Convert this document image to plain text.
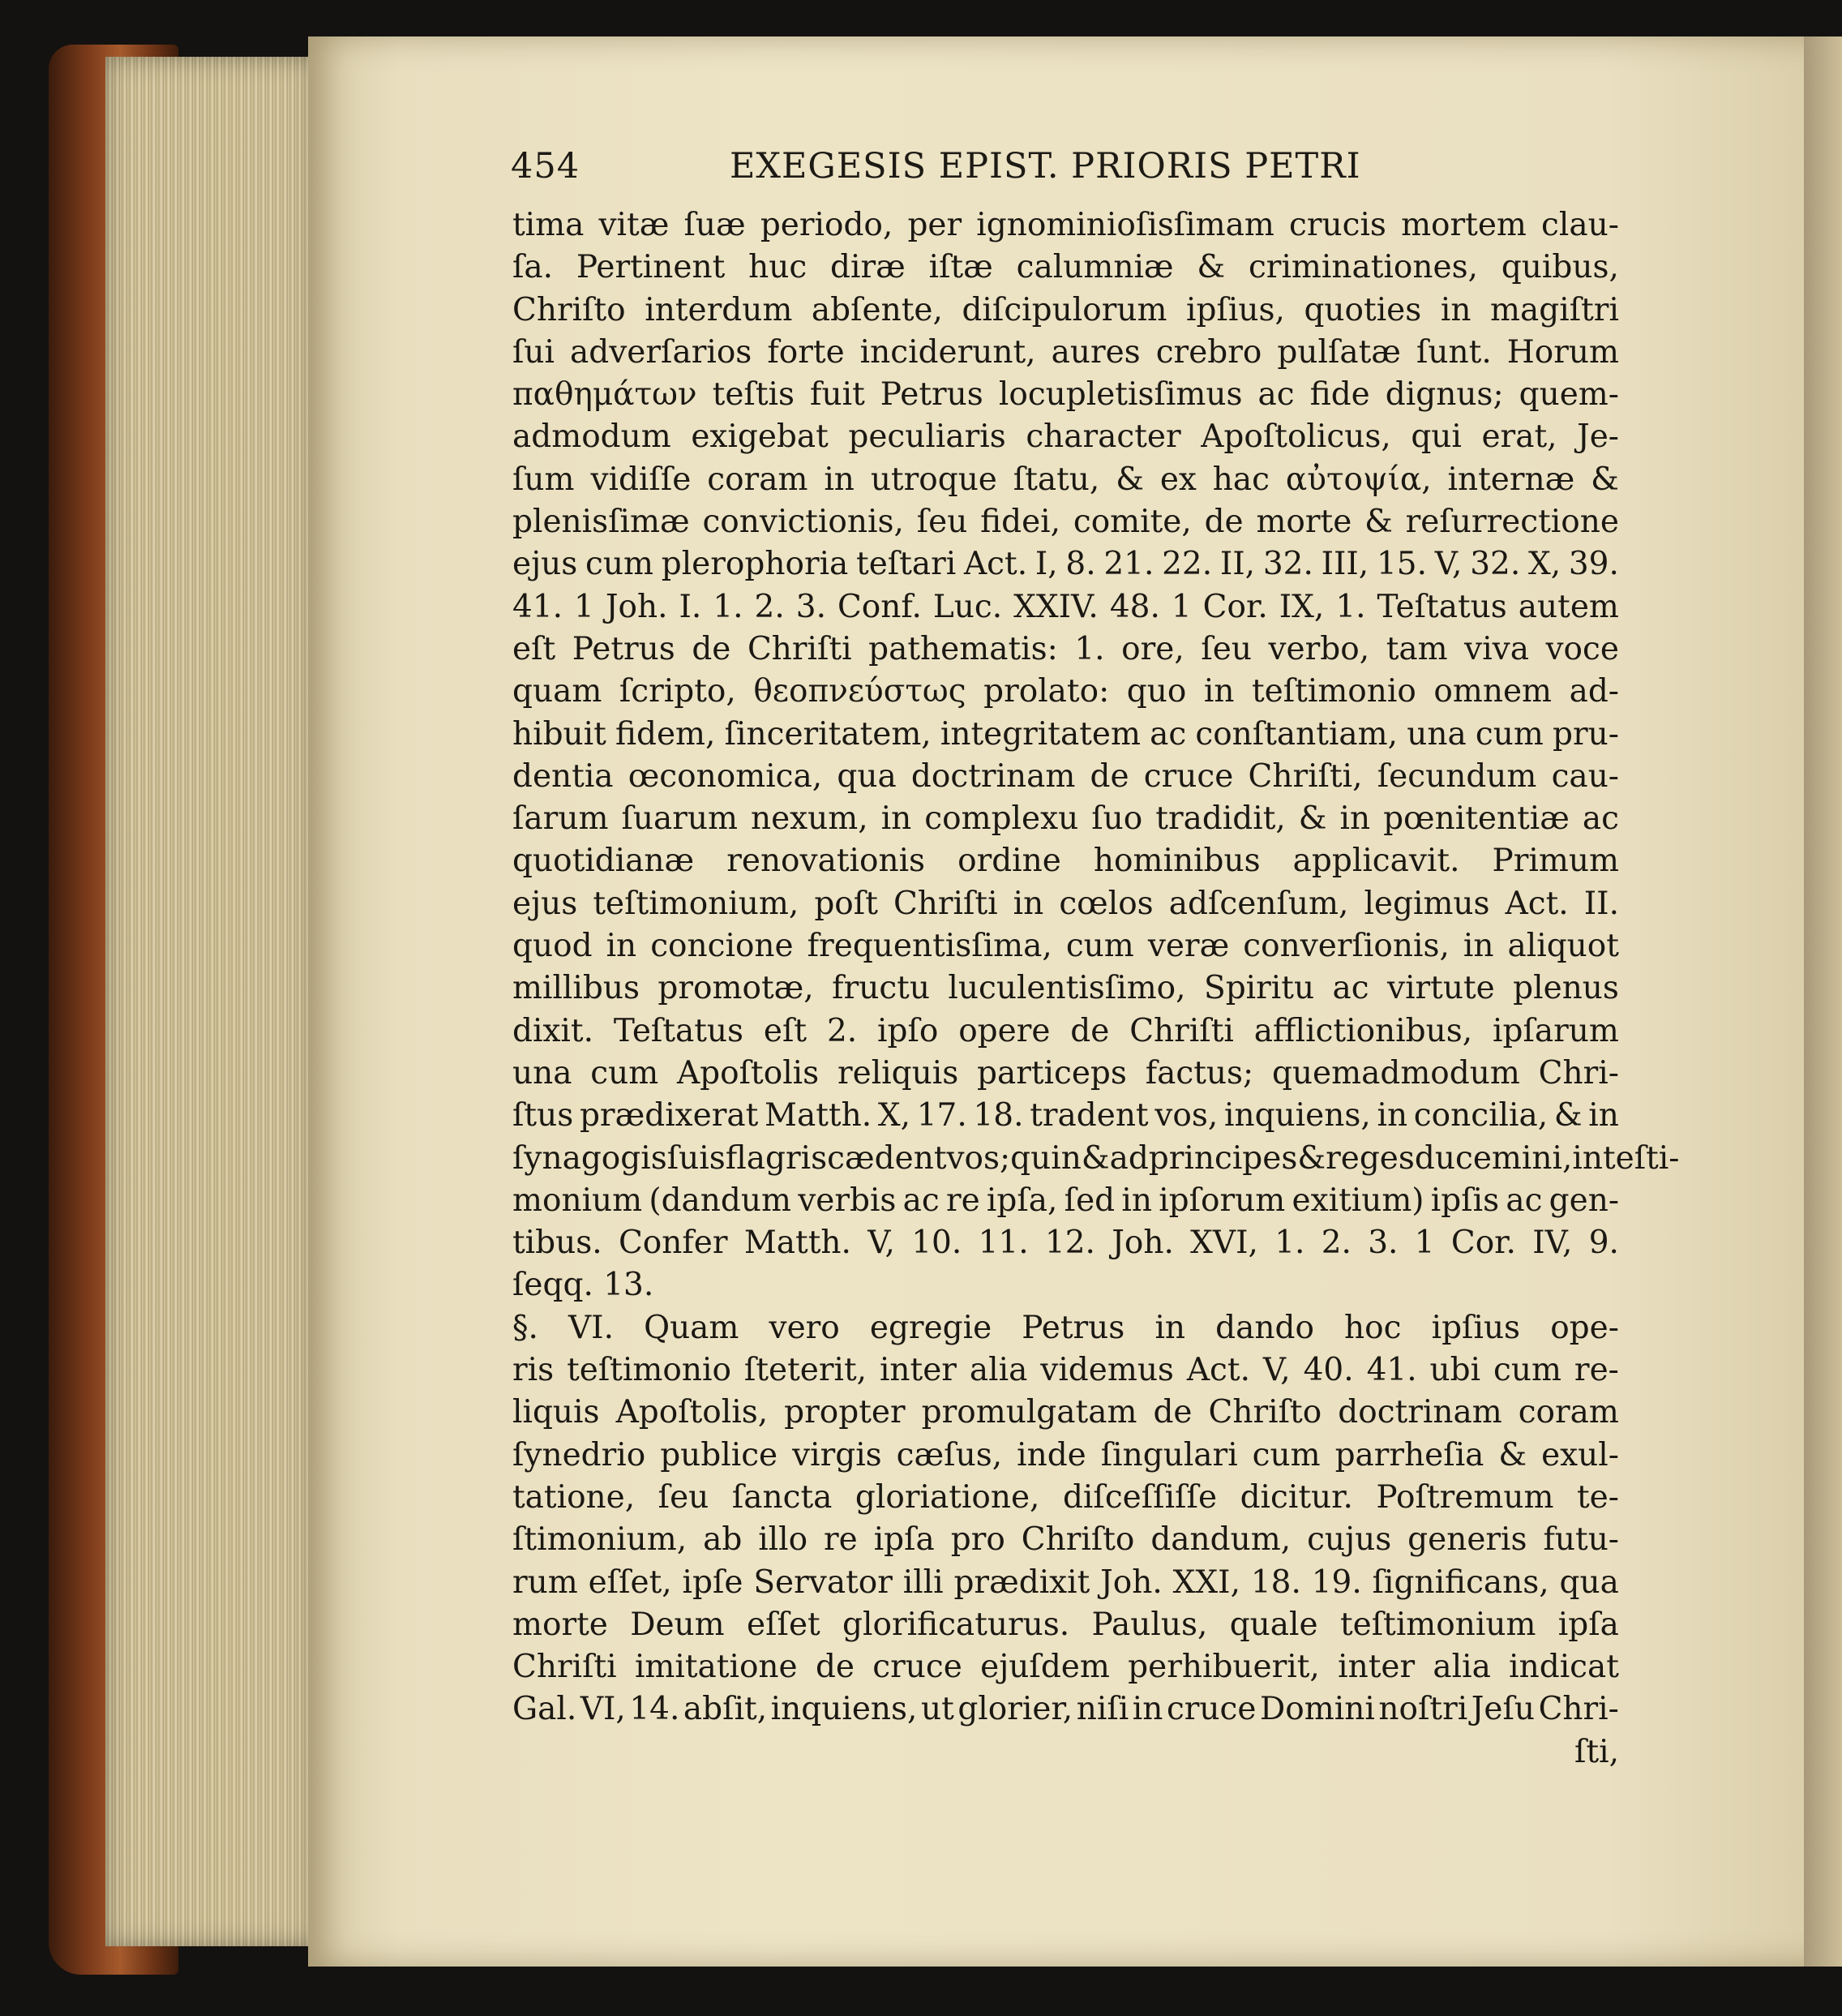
454	EXEGESIS EPIST. PRIORIS PETRI
tima vitæ ſuæ periodo, per ignominioſisſimam crucis mortem clau-
ſa. Pertinent huc diræ iſtæ calumniæ & criminationes, quibus,
Chriſto interdum abſente, diſcipulorum ipſius, quoties in magiſtri
ſui adverſarios forte inciderunt, aures crebro pulſatæ ſunt. Horum
παθημάτων teſtis fuit Petrus locupletisſimus ac fide dignus; quem-
admodum exigebat peculiaris character Apoſtolicus, qui erat, Je-
ſum vidiſſe coram in utroque ſtatu, & ex hac αὐτοψία, internæ &
plenisſimæ convictionis, ſeu fidei, comite, de morte & reſurrectione
ejus cum plerophoria teſtari Act. I, 8. 21. 22. II, 32. III, 15. V, 32. X, 39.
41. 1 Joh. I. 1. 2. 3. Conf. Luc. XXIV. 48. 1 Cor. IX, 1. Teſtatus autem
eſt Petrus de Chriſti pathematis: 1. ore, ſeu verbo, tam viva voce
quam ſcripto, θεοπνεύστως prolato: quo in teſtimonio omnem ad-
hibuit fidem, ſinceritatem, integritatem ac conſtantiam, una cum pru-
dentia œconomica, qua doctrinam de cruce Chriſti, ſecundum cau-
ſarum ſuarum nexum, in complexu ſuo tradidit, & in pœnitentiæ ac
quotidianæ renovationis ordine hominibus applicavit. Primum
ejus teſtimonium, poſt Chriſti in cœlos adſcenſum, legimus Act. II.
quod in concione frequentisſima, cum veræ converſionis, in aliquot
millibus promotæ, fructu luculentisſimo, Spiritu ac virtute plenus
dixit. Teſtatus eſt 2. ipſo opere de Chriſti afflictionibus, ipſarum
una cum Apoſtolis reliquis particeps factus; quemadmodum Chri-
ſtus prædixerat Matth. X, 17. 18. tradent vos, inquiens, in concilia, & in
ſynagogis ſuis flagris cædent vos; quin & ad principes & reges ducemini, in teſti-
monium (dandum verbis ac re ipſa, ſed in ipſorum exitium) ipſis ac gen-
tibus. Confer Matth. V, 10. 11. 12. Joh. XVI, 1. 2. 3. 1 Cor. IV, 9.
ſeqq. 13.
§. VI. Quam vero egregie Petrus in dando hoc ipſius ope-
ris teſtimonio ſteterit, inter alia videmus Act. V, 40. 41. ubi cum re-
liquis Apoſtolis, propter promulgatam de Chriſto doctrinam coram
ſynedrio publice virgis cæſus, inde ſingulari cum parrheſia & exul-
tatione, ſeu ſancta gloriatione, diſceſſiſſe dicitur. Poſtremum te-
ſtimonium, ab illo re ipſa pro Chriſto dandum, cujus generis futu-
rum eſſet, ipſe Servator illi prædixit Joh. XXI, 18. 19. ſignificans, qua
morte Deum eſſet glorificaturus. Paulus, quale teſtimonium ipſa
Chriſti imitatione de cruce ejuſdem perhibuerit, inter alia indicat
Gal. VI, 14. abſit, inquiens, ut glorier, niſi in cruce Domini noſtri Jeſu Chri-
ſti,
